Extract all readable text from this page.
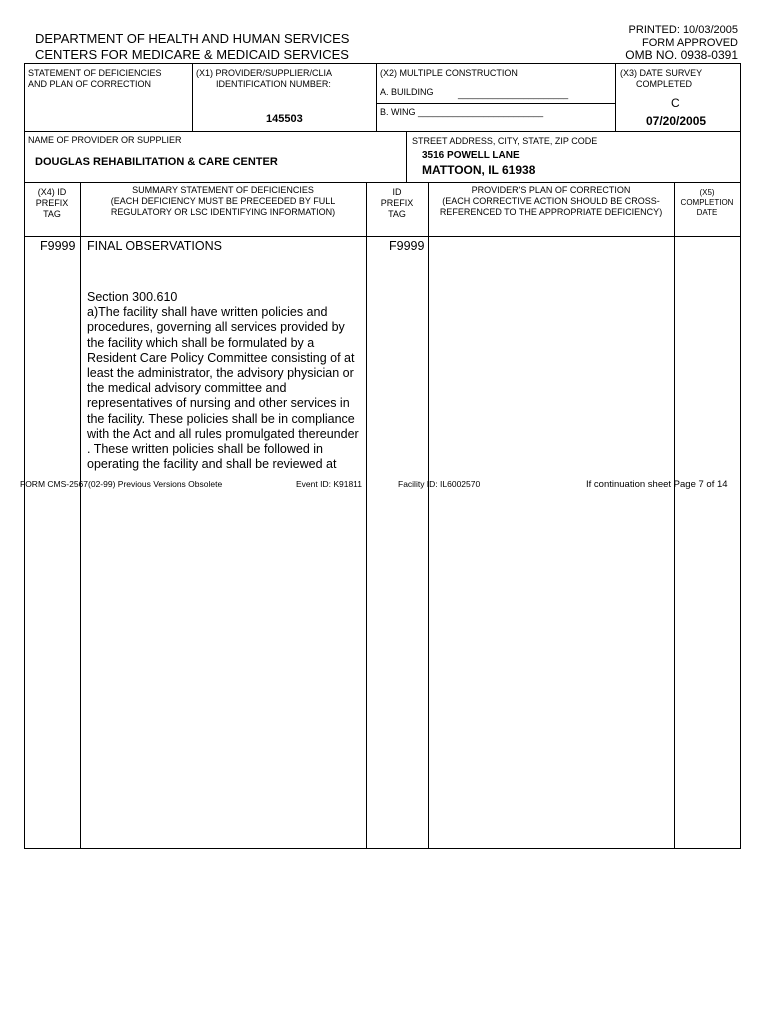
DEPARTMENT OF HEALTH AND HUMAN SERVICES
CENTERS FOR MEDICARE & MEDICAID SERVICES
PRINTED: 10/03/2005
FORM APPROVED
OMB NO. 0938-0391
STATEMENT OF DEFICIENCIES
AND PLAN OF CORRECTION
(X1) PROVIDER/SUPPLIER/CLIA
IDENTIFICATION NUMBER:
145503
(X2) MULTIPLE CONSTRUCTION
A. BUILDING	______________________
B. WING _________________________
(X3) DATE SURVEY
COMPLETED
C
07/20/2005
NAME OF PROVIDER OR SUPPLIER
DOUGLAS REHABILITATION & CARE CENTER
STREET ADDRESS, CITY, STATE, ZIP CODE
3516 POWELL LANE
MATTOON, IL 61938
(X4) ID
PREFIX
TAG
SUMMARY STATEMENT OF DEFICIENCIES
(EACH DEFICIENCY MUST BE PRECEEDED BY FULL
REGULATORY OR LSC IDENTIFYING INFORMATION)
ID
PREFIX
TAG
PROVIDER'S PLAN OF CORRECTION
(EACH CORRECTIVE ACTION SHOULD BE CROSS-
REFERENCED TO THE APPROPRIATE DEFICIENCY)
(X5)
COMPLETION
DATE
F9999 FINAL OBSERVATIONS	F9999
Section 300.610
a)The facility shall have written policies and
procedures, governing all services provided by
the facility which shall be formulated by a
Resident Care Policy Committee consisting of at
least the administrator, the advisory physician or
the medical advisory committee and
representatives of nursing and other services in
the facility. These policies shall be in compliance
with the Act and all rules promulgated thereunder
. These written policies shall be followed in
operating the facility and shall be reviewed at
FORM CMS-2567(02-99) Previous Versions Obsolete	Event ID: K91811	Facility ID: IL6002570	If continuation sheet Page 7 of 14
